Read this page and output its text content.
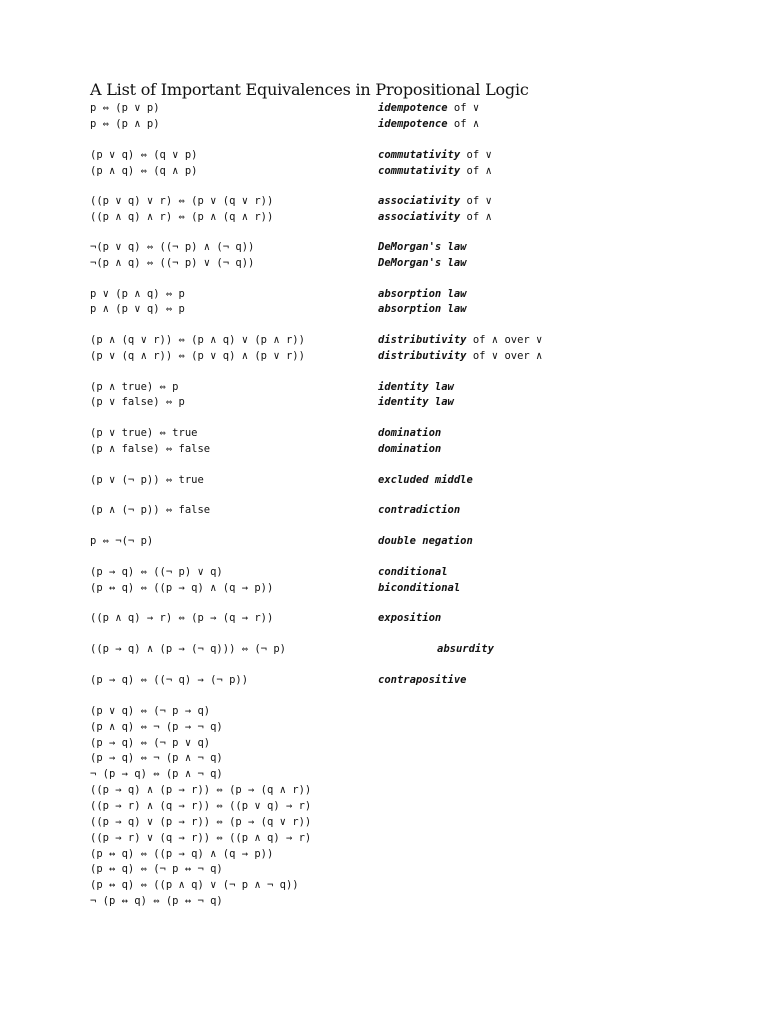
A List of Important Equivalences in Propositional Logic
p ⇔ (p ∨ p)	idempotence of ∨
p ⇔ (p ∧ p)	idempotence of ∧
(p ∨ q) ⇔ (q ∨ p)	commutativity of ∨
(p ∧ q) ⇔ (q ∧ p)	commutativity of ∧
((p ∨ q) ∨ r) ⇔ (p ∨ (q ∨ r))	associativity of ∨
((p ∧ q) ∧ r) ⇔ (p ∧ (q ∧ r))	associativity of ∧
¬(p ∨ q) ⇔ ((¬ p) ∧ (¬ q))	DeMorgan's law
¬(p ∧ q) ⇔ ((¬ p) ∨ (¬ q))	DeMorgan's law
p ∨ (p ∧ q) ⇔ p	absorption law
p ∧ (p ∨ q) ⇔ p	absorption law
(p ∧ (q ∨ r)) ⇔ (p ∧ q) ∨ (p ∧ r))	distributivity of ∧ over ∨
(p ∨ (q ∧ r)) ⇔ (p ∨ q) ∧ (p ∨ r))	distributivity of ∨ over ∧
(p ∧ true) ⇔ p	identity law
(p ∨ false) ⇔ p	identity law
(p ∨ true) ⇔ true	domination
(p ∧ false) ⇔ false	domination
(p ∨ (¬ p)) ⇔ true	excluded middle
(p ∧ (¬ p)) ⇔ false	contradiction
p ⇔ ¬(¬ p)	double negation
(p → q) ⇔ ((¬ p) ∨ q)	conditional
(p ↔ q) ⇔ ((p → q) ∧ (q → p))	biconditional
((p ∧ q) → r) ⇔ (p → (q → r))	exposition
((p → q) ∧ (p → (¬ q))) ⇔ (¬ p)	absurdity
(p → q) ⇔ ((¬ q) → (¬ p))	contrapositive
(p ∨ q) ⇔ (¬ p → q)
(p ∧ q) ⇔ ¬ (p → ¬ q)
(p → q) ⇔ (¬ p ∨ q)
(p → q) ⇔ ¬ (p ∧ ¬ q)
¬ (p → q) ⇔ (p ∧ ¬ q)
((p → q) ∧ (p → r)) ⇔ (p → (q ∧ r))
((p → r) ∧ (q → r)) ⇔ ((p ∨ q) → r)
((p → q) ∨ (p → r)) ⇔ (p → (q ∨ r))
((p → r) ∨ (q → r)) ⇔ ((p ∧ q) → r)
(p ↔ q) ⇔ ((p → q) ∧ (q → p))
(p ↔ q) ⇔ (¬ p ↔ ¬ q)
(p ↔ q) ⇔ ((p ∧ q) ∨ (¬ p ∧ ¬ q))
¬ (p ↔ q) ⇔ (p ↔ ¬ q)
